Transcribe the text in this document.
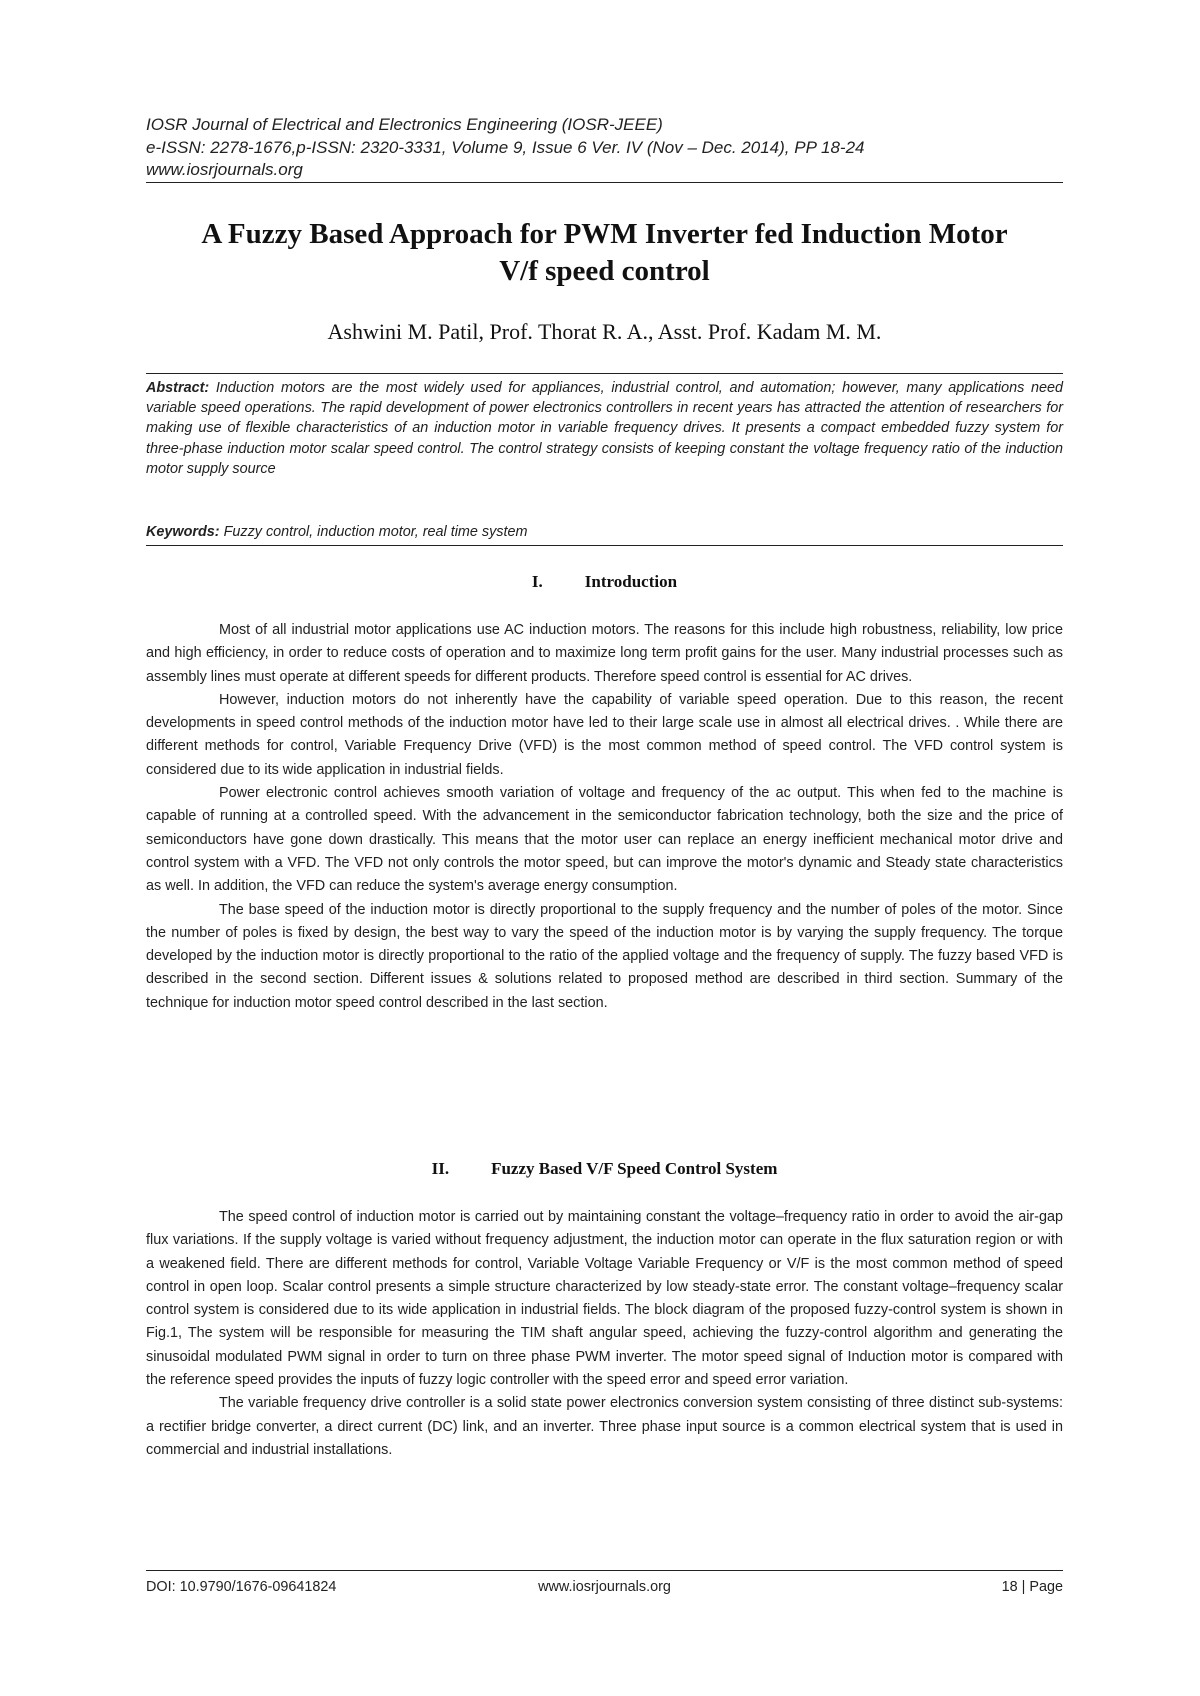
IOSR Journal of Electrical and Electronics Engineering (IOSR-JEEE)
e-ISSN: 2278-1676,p-ISSN: 2320-3331, Volume 9, Issue 6 Ver. IV (Nov – Dec. 2014), PP 18-24
www.iosrjournals.org
A Fuzzy Based Approach for PWM Inverter fed Induction Motor
V/f speed control
Ashwini M. Patil, Prof. Thorat R. A., Asst. Prof. Kadam M. M.
Abstract: Induction motors are the most widely used for appliances, industrial control, and automation; however, many applications need variable speed operations. The rapid development of power electronics controllers in recent years has attracted the attention of researchers for making use of flexible characteristics of an induction motor in variable frequency drives. It presents a compact embedded fuzzy system for three-phase induction motor scalar speed control. The control strategy consists of keeping constant the voltage frequency ratio of the induction motor supply source
Keywords: Fuzzy control, induction motor, real time system
I. Introduction

Most of all industrial motor applications use AC induction motors. The reasons for this include high robustness, reliability, low price and high efficiency, in order to reduce costs of operation and to maximize long term profit gains for the user. Many industrial processes such as assembly lines must operate at different speeds for different products. Therefore speed control is essential for AC drives.

However, induction motors do not inherently have the capability of variable speed operation. Due to this reason, the recent developments in speed control methods of the induction motor have led to their large scale use in almost all electrical drives. . While there are different methods for control, Variable Frequency Drive (VFD) is the most common method of speed control. The VFD control system is considered due to its wide application in industrial fields.

Power electronic control achieves smooth variation of voltage and frequency of the ac output. This when fed to the machine is capable of running at a controlled speed. With the advancement in the semiconductor fabrication technology, both the size and the price of semiconductors have gone down drastically. This means that the motor user can replace an energy inefficient mechanical motor drive and control system with a VFD. The VFD not only controls the motor speed, but can improve the motor's dynamic and Steady state characteristics as well. In addition, the VFD can reduce the system's average energy consumption.

The base speed of the induction motor is directly proportional to the supply frequency and the number of poles of the motor. Since the number of poles is fixed by design, the best way to vary the speed of the induction motor is by varying the supply frequency. The torque developed by the induction motor is directly proportional to the ratio of the applied voltage and the frequency of supply. The fuzzy based VFD is described in the second section. Different issues & solutions related to proposed method are described in third section. Summary of the technique for induction motor speed control described in the last section.

II. Fuzzy Based V/F Speed Control System

The speed control of induction motor is carried out by maintaining constant the voltage–frequency ratio in order to avoid the air-gap flux variations. If the supply voltage is varied without frequency adjustment, the induction motor can operate in the flux saturation region or with a weakened field. There are different methods for control, Variable Voltage Variable Frequency or V/F is the most common method of speed control in open loop. Scalar control presents a simple structure characterized by low steady-state error. The constant voltage–frequency scalar control system is considered due to its wide application in industrial fields. The block diagram of the proposed fuzzy-control system is shown in Fig.1, The system will be responsible for measuring the TIM shaft angular speed, achieving the fuzzy-control algorithm and generating the sinusoidal modulated PWM signal in order to turn on three phase PWM inverter. The motor speed signal of Induction motor is compared with the reference speed provides the inputs of fuzzy logic controller with the speed error and speed error variation.

The variable frequency drive controller is a solid state power electronics conversion system consisting of three distinct sub-systems: a rectifier bridge converter, a direct current (DC) link, and an inverter. Three phase input source is a common electrical system that is used in commercial and industrial installations.

DOI: 10.9790/1676-09641824	www.iosrjournals.org	18 | Page
